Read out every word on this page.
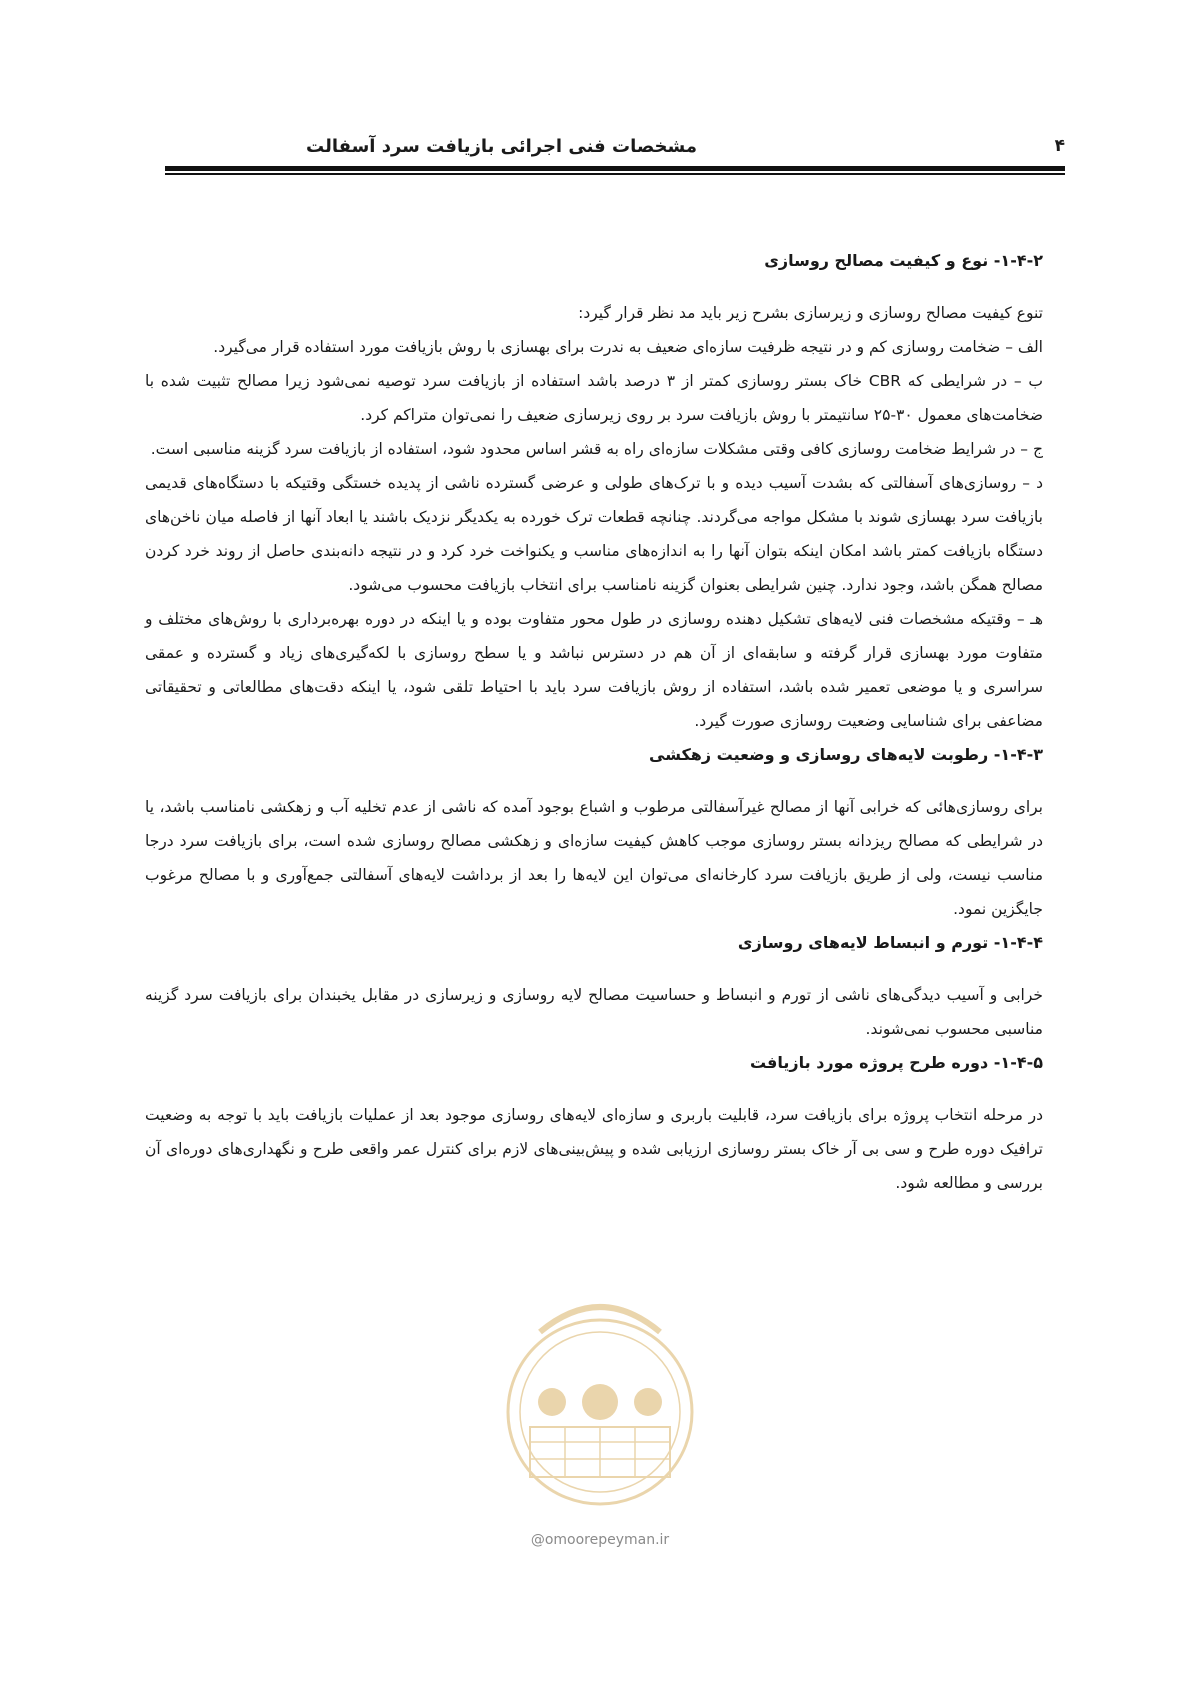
مشخصات فنی اجرائی بازیافت سرد آسفالت	۴
۱-۴-۲- نوع و کیفیت مصالح روسازی

تنوع کیفیت مصالح روسازی و زیرسازی بشرح زیر باید مد نظر قرار گیرد:

الف – ضخامت روسازی کم و در نتیجه ظرفیت سازه‌ای ضعیف به ندرت برای بهسازی با روش بازیافت مورد استفاده قرار می‌گیرد.

ب – در شرایطی که CBR خاک بستر روسازی کمتر از ۳ درصد باشد استفاده از بازیافت سرد توصیه نمی‌شود زیرا مصالح تثبیت شده با ضخامت‌های معمول ۳۰-۲۵ سانتیمتر با روش بازیافت سرد بر روی زیرسازی ضعیف را نمی‌توان متراکم کرد.

ج – در شرایط ضخامت روسازی کافی وقتی مشکلات سازه‌ای راه به قشر اساس محدود شود، استفاده از بازیافت سرد گزینه مناسبی است.

د – روسازی‌های آسفالتی که بشدت آسیب دیده و با ترک‌های طولی و عرضی گسترده ناشی از پدیده خستگی وقتیکه با دستگاه‌های قدیمی بازیافت سرد بهسازی شوند با مشکل مواجه می‌گردند. چنانچه قطعات ترک خورده به یکدیگر نزدیک باشند یا ابعاد آنها از فاصله میان ناخن‌های دستگاه بازیافت کمتر باشد امکان اینکه بتوان آنها را به اندازه‌های مناسب و یکنواخت خرد کرد و در نتیجه دانه‌بندی حاصل از روند خرد کردن مصالح همگن باشد، وجود ندارد. چنین شرایطی بعنوان گزینه نامناسب برای انتخاب بازیافت محسوب می‌شود.

هـ – وقتیکه مشخصات فنی لایه‌های تشکیل دهنده روسازی در طول محور متفاوت بوده و یا اینکه در دوره بهره‌برداری با روش‌های مختلف و متفاوت مورد بهسازی قرار گرفته و سابقه‌ای از آن هم در دسترس نباشد و یا سطح روسازی با لکه‌گیری‌های زیاد و گسترده و عمقی سراسری و یا موضعی تعمیر شده باشد، استفاده از روش بازیافت سرد باید با احتیاط تلقی شود، یا اینکه دقت‌های مطالعاتی و تحقیقاتی مضاعفی برای شناسایی وضعیت روسازی صورت گیرد.

۱-۴-۳- رطوبت لایه‌های روسازی و وضعیت زهکشی

برای روسازی‌هائی که خرابی آنها از مصالح غیرآسفالتی مرطوب و اشباع بوجود آمده که ناشی از عدم تخلیه آب و زهکشی نامناسب باشد، یا در شرایطی که مصالح ریزدانه بستر روسازی موجب کاهش کیفیت سازه‌ای و زهکشی مصالح روسازی شده است، برای بازیافت سرد درجا مناسب نیست، ولی از طریق بازیافت سرد کارخانه‌ای می‌توان این لایه‌ها را بعد از برداشت لایه‌های آسفالتی جمع‌آوری و با مصالح مرغوب جایگزین نمود.

۱-۴-۴- تورم و انبساط لایه‌های روسازی

خرابی و آسیب دیدگی‌های ناشی از تورم و انبساط و حساسیت مصالح لایه روسازی و زیرسازی در مقابل یخبندان برای بازیافت سرد گزینه مناسبی محسوب نمی‌شوند.

۱-۴-۵- دوره طرح پروژه مورد بازیافت

در مرحله انتخاب پروژه برای بازیافت سرد، قابلیت باربری و سازه‌ای لایه‌های روسازی موجود بعد از عملیات بازیافت باید با توجه به وضعیت ترافیک دوره طرح و سی بی آر خاک بستر روسازی ارزیابی شده و پیش‌بینی‌های لازم برای کنترل عمر واقعی طرح و نگهداری‌های دوره‌ای آن بررسی و مطالعه شود.

@omoorepeyman.ir
